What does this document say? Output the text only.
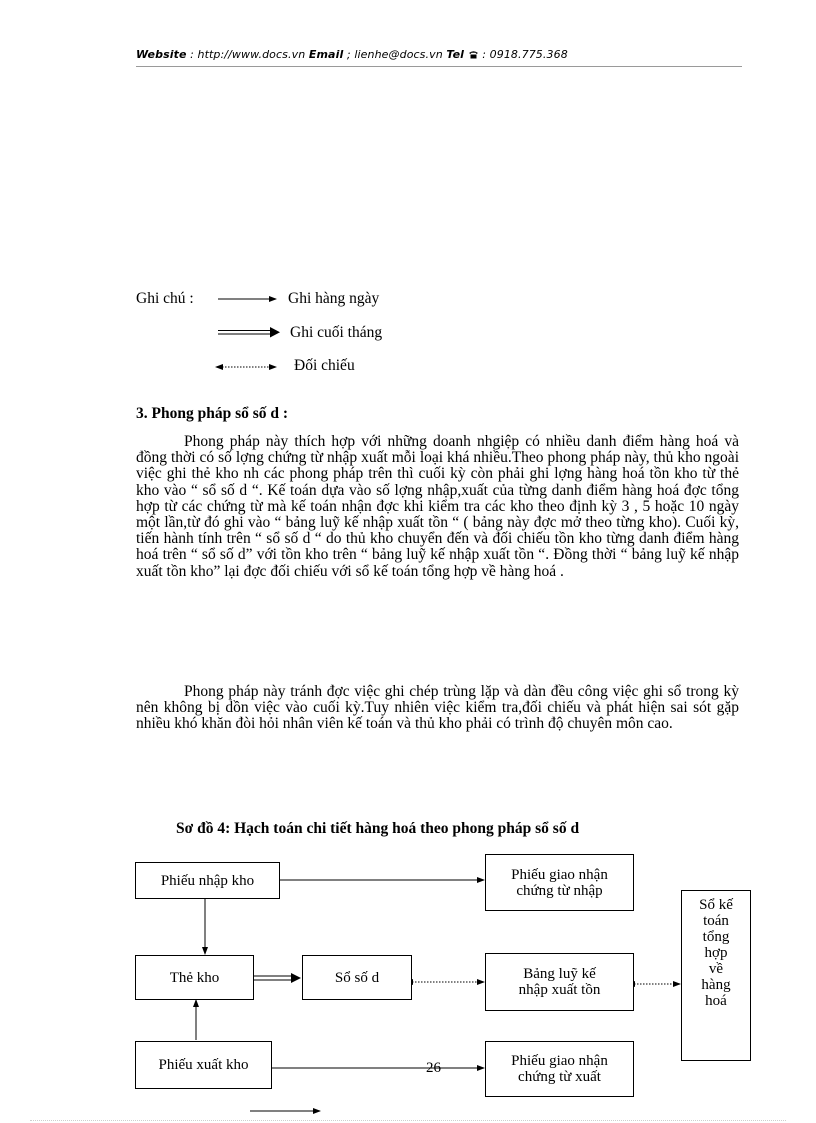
Website : http://www.docs.vn Email ; lienhe@docs.vn Tel  : 0918.775.368
Ghi chú :	Ghi hàng ngày
Ghi cuối tháng
Đối chiếu
3. Phong pháp sổ số d :

Phong pháp này thích hợp với những doanh nhgiệp có nhiều danh điểm hàng hoá và đồng thời có số lợng chứng từ nhập xuất mỗi loại khá nhiều.Theo phong pháp này, thủ kho ngoài việc ghi thẻ kho nh các phong pháp trên thì cuối kỳ còn phải ghi lợng hàng hoá tồn kho từ thẻ kho vào “ sổ số d “. Kế toán dựa vào số lợng nhập,xuất của từng danh điểm hàng hoá đợc tổng hợp từ các chứng từ mà kế toán nhận đợc khi kiểm tra các kho theo định kỳ 3 , 5 hoặc 10 ngày một lần,từ đó ghi vào “ bảng luỹ kế nhập xuất tồn “ ( bảng này đợc mở theo từng kho). Cuối kỳ, tiến hành tính trên “ sổ số d “ do thủ kho chuyển đến và đối chiếu tồn kho từng danh điểm hàng hoá trên “ sổ số d” với tồn kho trên “ bảng luỹ kế nhập xuất tồn “. Đồng thời “ bảng luỹ kế nhập xuất tồn kho” lại đợc đối chiếu với sổ kế toán tổng hợp về hàng hoá .

Phong pháp này tránh đợc việc ghi chép trùng lặp và dàn đều công việc ghi sổ trong kỳ nên không bị dồn việc vào cuối kỳ.Tuy nhiên việc kiểm tra,đối chiếu và phát hiện sai sót gặp nhiều khó khăn đòi hỏi nhân viên kế toán và thủ kho phải có trình độ chuyên môn cao.

Sơ đồ 4: Hạch toán chi tiết hàng hoá theo phong pháp sổ số d
Phiếu nhập kho	Phiếu giao nhận
chứng từ nhập
Sổ kế
toán
tổng
hợp
về
hàng
hoá
Thẻ kho	Sổ số d	Bảng luỹ kế
nhập xuất tồn
Phiếu xuất kho	Phiếu giao nhận
chứng từ xuất
26
